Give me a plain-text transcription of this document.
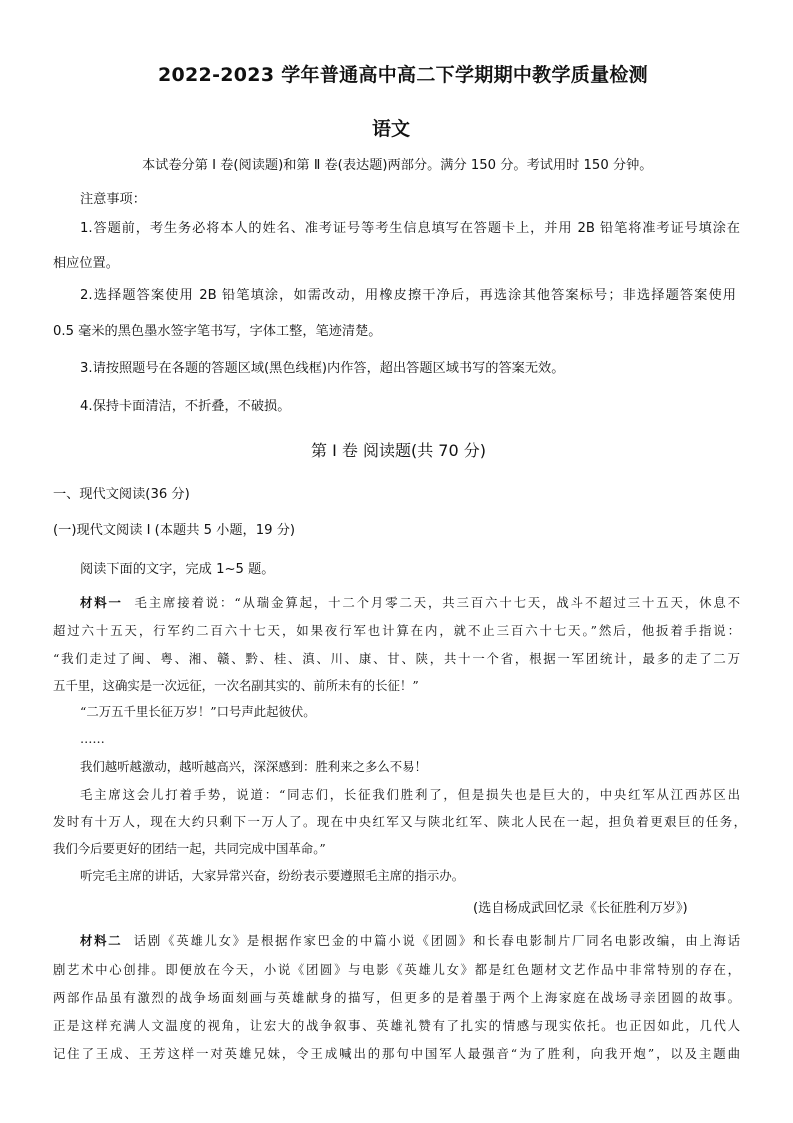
2022-2023 学年普通高中高二下学期期中教学质量检测
语文
本试卷分第 Ⅰ 卷(阅读题)和第 Ⅱ 卷(表达题)两部分。满分 150 分。考试用时 150 分钟。
注意事项：
1.答题前，考生务必将本人的姓名、准考证号等考生信息填写在答题卡上，并用 2B 铅笔将准考证号填涂在
相应位置。
2.选择题答案使用 2B 铅笔填涂，如需改动，用橡皮擦干净后，再选涂其他答案标号；非选择题答案使用
0.5 毫米的黑色墨水签字笔书写，字体工整，笔迹清楚。
3.请按照题号在各题的答题区域(黑色线框)内作答，超出答题区域书写的答案无效。
4.保持卡面清洁，不折叠，不破损。
第 Ⅰ 卷 阅读题(共 70 分)
一、现代文阅读(36 分)
(一)现代文阅读 Ⅰ (本题共 5 小题，19 分)
阅读下面的文字，完成 1~5 题。
材料一 毛主席接着说：“从瑞金算起，十二个月零二天，共三百六十七天，战斗不超过三十五天，休息不
超过六十五天，行军约二百六十七天，如果夜行军也计算在内，就不止三百六十七天。”然后，他扳着手指说：
“我们走过了闽、粤、湘、赣、黔、桂、滇、川、康、甘、陕，共十一个省，根据一军团统计，最多的走了二万
五千里，这确实是一次远征，一次名副其实的、前所未有的长征！”
“二万五千里长征万岁！”口号声此起彼伏。
……
我们越听越激动，越听越高兴，深深感到：胜利来之多么不易！
毛主席这会儿打着手势，说道：“同志们，长征我们胜利了，但是损失也是巨大的，中央红军从江西苏区出
发时有十万人，现在大约只剩下一万人了。现在中央红军又与陕北红军、陕北人民在一起，担负着更艰巨的任务，
我们今后要更好的团结一起，共同完成中国革命。”
听完毛主席的讲话，大家异常兴奋，纷纷表示要遵照毛主席的指示办。
(选自杨成武回忆录《长征胜利万岁》)
材料二 话剧《英雄儿女》是根据作家巴金的中篇小说《团圆》和长春电影制片厂同名电影改编，由上海话
剧艺术中心创排。即便放在今天，小说《团圆》与电影《英雄儿女》都是红色题材文艺作品中非常特别的存在，
两部作品虽有激烈的战争场面刻画与英雄献身的描写，但更多的是着墨于两个上海家庭在战场寻亲团圆的故事。
正是这样充满人文温度的视角，让宏大的战争叙事、英雄礼赞有了扎实的情感与现实依托。也正因如此，几代人
记住了王成、王芳这样一对英雄兄妹，令王成喊出的那句中国军人最强音“为了胜利，向我开炮”，以及主题曲
